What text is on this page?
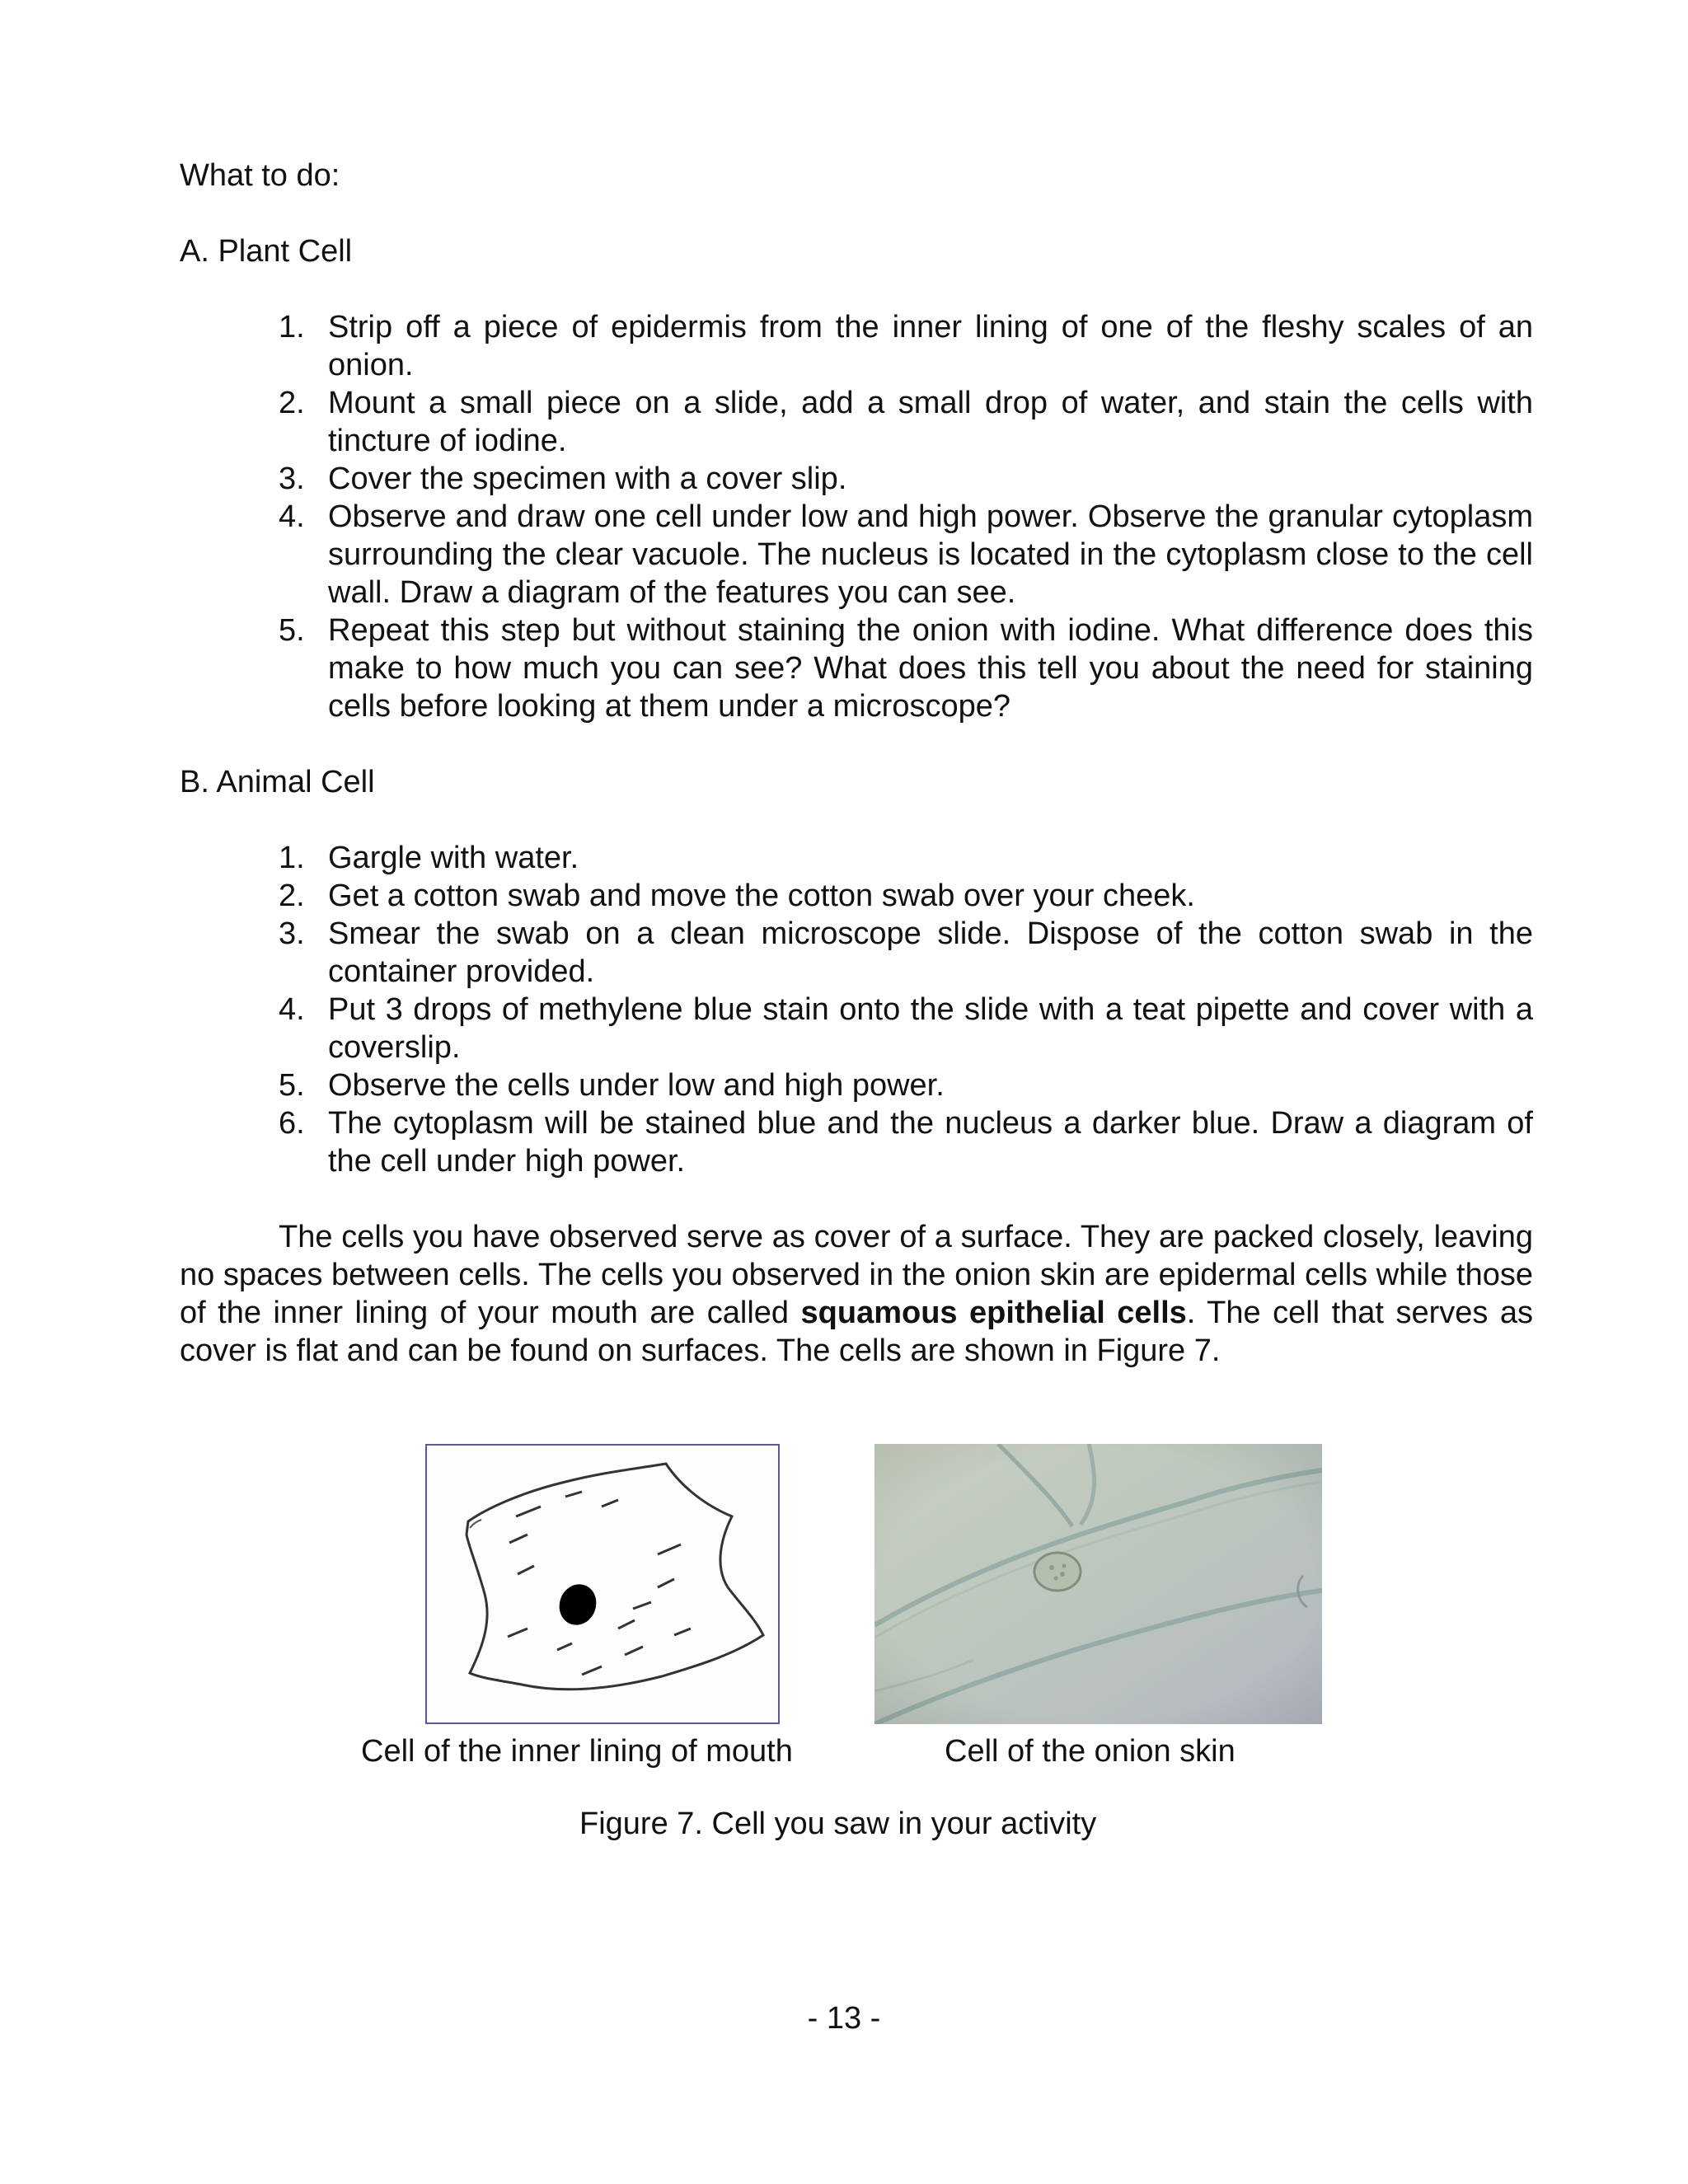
What to do:

A. Plant Cell

1. Strip off a piece of epidermis from the inner lining of one of the fleshy scales of an onion.
2. Mount a small piece on a slide, add a small drop of water, and stain the cells with tincture of iodine.
3. Cover the specimen with a cover slip.
4. Observe and draw one cell under low and high power. Observe the granular cytoplasm surrounding the clear vacuole. The nucleus is located in the cytoplasm close to the cell wall. Draw a diagram of the features you can see.
5. Repeat this step but without staining the onion with iodine. What difference does this make to how much you can see? What does this tell you about the need for staining cells before looking at them under a microscope?

B. Animal Cell

1. Gargle with water.
2. Get a cotton swab and move the cotton swab over your cheek.
3. Smear the swab on a clean microscope slide. Dispose of the cotton swab in the container provided.
4. Put 3 drops of methylene blue stain onto the slide with a teat pipette and cover with a coverslip.
5. Observe the cells under low and high power.
6. The cytoplasm will be stained blue and the nucleus a darker blue. Draw a diagram of the cell under high power.

The cells you have observed serve as cover of a surface. They are packed closely, leaving no spaces between cells. The cells you observed in the onion skin are epidermal cells while those of the inner lining of your mouth are called squamous epithelial cells. The cell that serves as cover is flat and can be found on surfaces. The cells are shown in Figure 7.

Cell of the inner lining of mouth	Cell of the onion skin
Figure 7. Cell you saw in your activity
- 13 -
